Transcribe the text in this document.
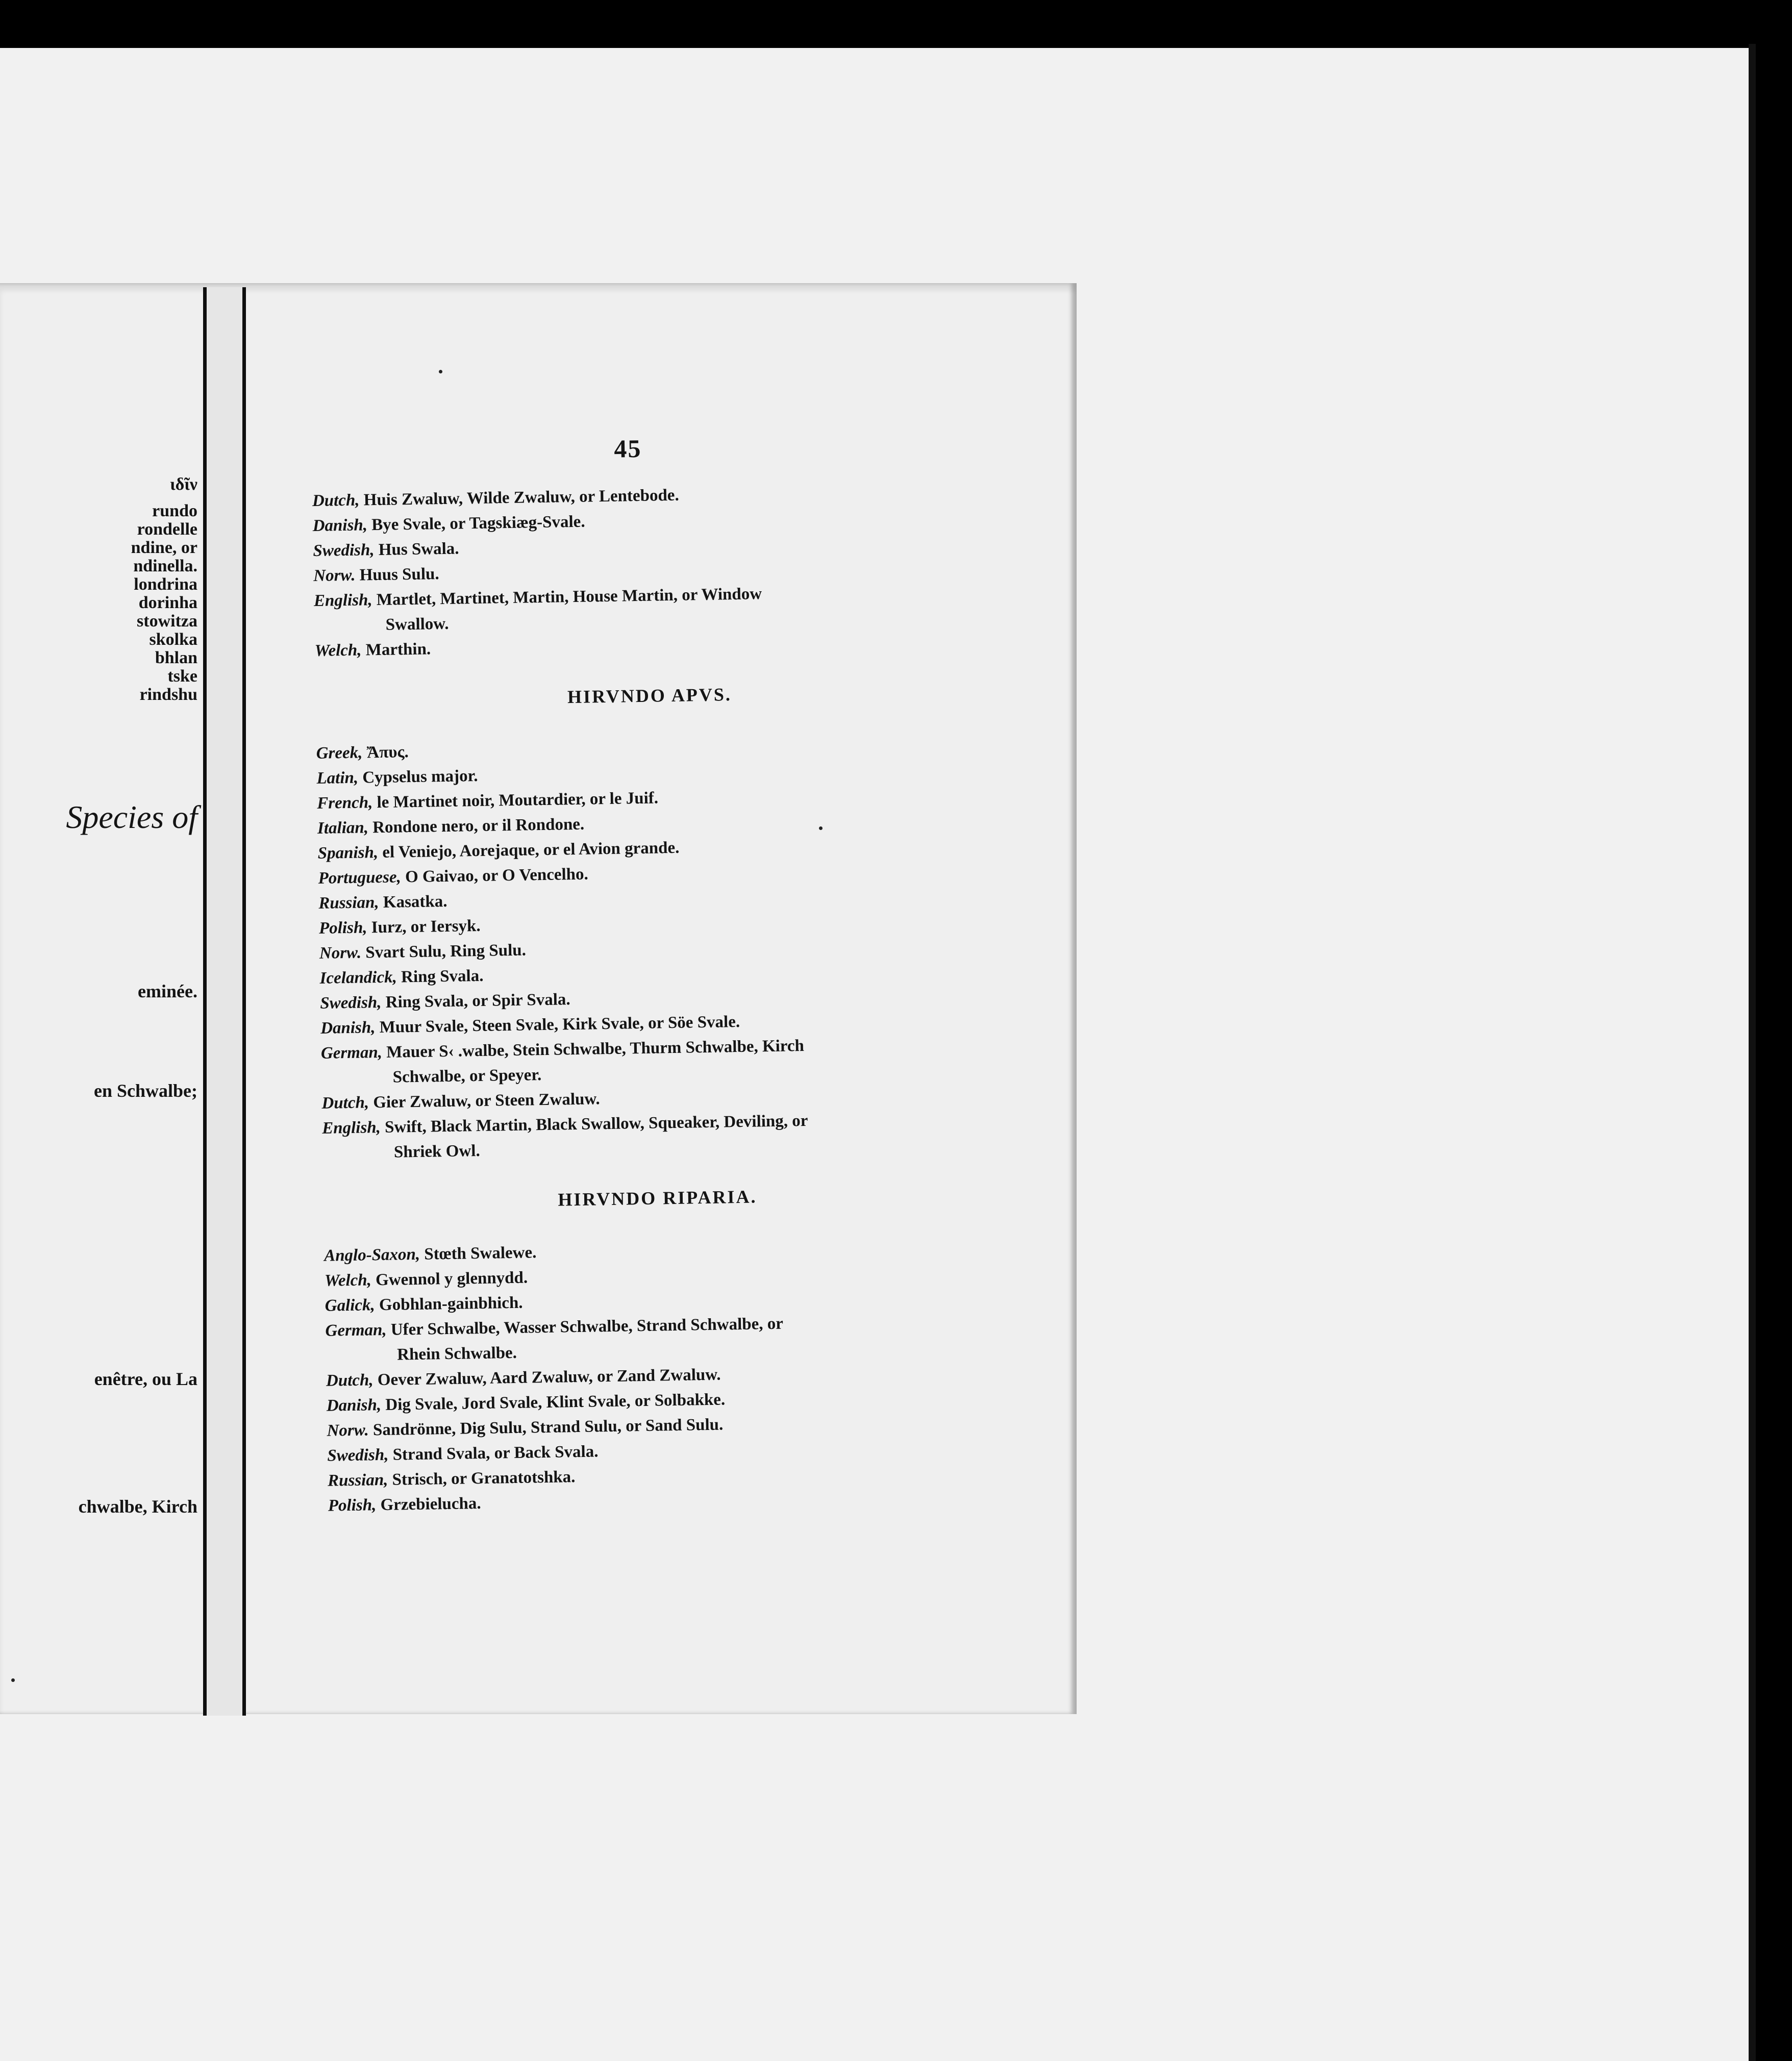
ιδῖν
rundo
rondelle
ndine, or
ndinella.
londrina
dorinha
stowitza
skolka
bhlan
tske
rindshu
Species of
eminée.
en Schwalbe;
enêtre, ou La
chwalbe, Kirch
45
Dutch, Huis Zwaluw, Wilde Zwaluw, or Lentebode.
Danish, Bye Svale, or Tagskiæg-Svale.
Swedish, Hus Swala.
Norw. Huus Sulu.
English, Martlet, Martinet, Martin, House Martin, or Window
Swallow.
Welch, Marthin.
HIRVNDO APVS.
Greek, Ἄπυς.
Latin, Cypselus major.
French, le Martinet noir, Moutardier, or le Juif.
Italian, Rondone nero, or il Rondone.
Spanish, el Veniejo, Aorejaque, or el Avion grande.
Portuguese, O Gaivao, or O Vencelho.
Russian, Kasatka.
Polish, Iurz, or Iersyk.
Norw. Svart Sulu, Ring Sulu.
Icelandick, Ring Svala.
Swedish, Ring Svala, or Spir Svala.
Danish, Muur Svale, Steen Svale, Kirk Svale, or Söe Svale.
German, Mauer S‹ .walbe, Stein Schwalbe, Thurm Schwalbe, Kirch
Schwalbe, or Speyer.
Dutch, Gier Zwaluw, or Steen Zwaluw.
English, Swift, Black Martin, Black Swallow, Squeaker, Deviling, or
Shriek Owl.
HIRVNDO RIPARIA.
Anglo-Saxon, Stœth Swalewe.
Welch, Gwennol y glennydd.
Galick, Gobhlan-gainbhich.
German, Ufer Schwalbe, Wasser Schwalbe, Strand Schwalbe, or
Rhein Schwalbe.
Dutch, Oever Zwaluw, Aard Zwaluw, or Zand Zwaluw.
Danish, Dig Svale, Jord Svale, Klint Svale, or Solbakke.
Norw. Sandrönne, Dig Sulu, Strand Sulu, or Sand Sulu.
Swedish, Strand Svala, or Back Svala.
Russian, Strisch, or Granatotshka.
Polish, Grzebielucha.
